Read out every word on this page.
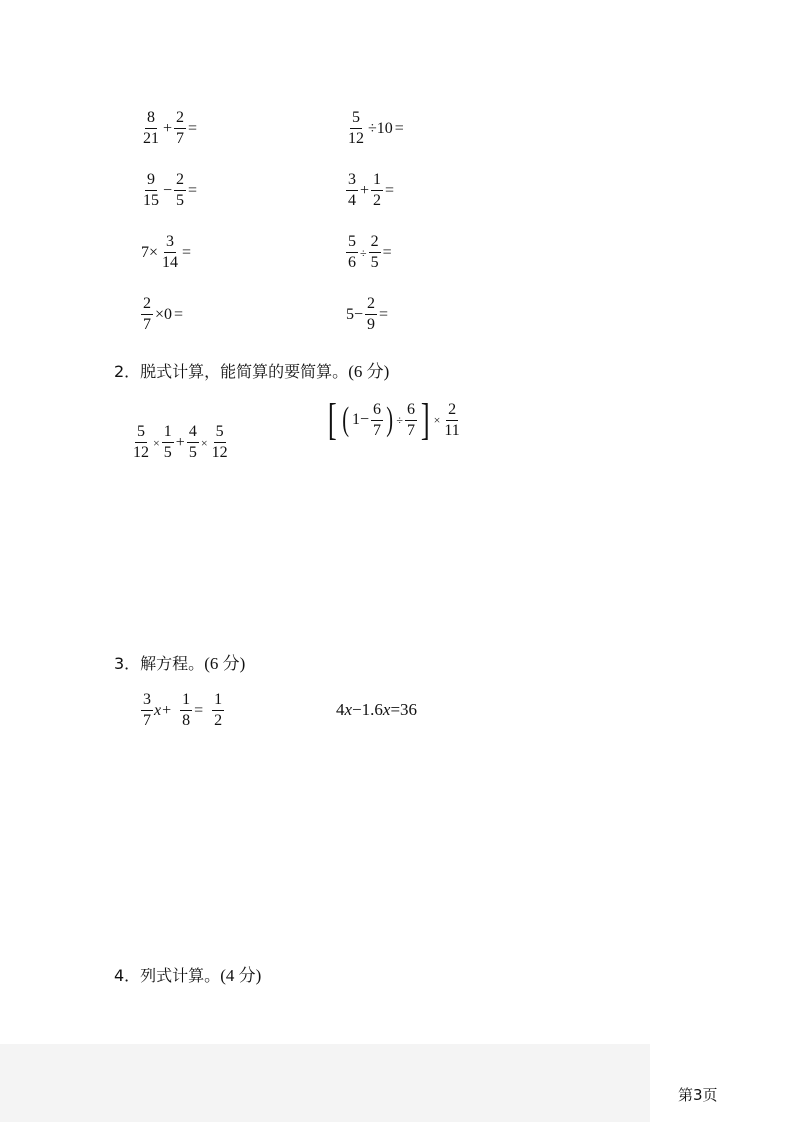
$\frac{8}{21} + \frac{2}{7}$ =	$\frac{5}{12} \div 10$ =
$\frac{9}{15} - \frac{2}{5}$ =	$\frac{3}{4} + \frac{1}{2}$ =
$7\times \frac{3}{14}$ =	$\frac{5}{6} \div \frac{2}{5}$ =
$\frac{2}{7} \times 0$ =	$5- \frac{2}{9}$ =
2．脱式计算，能简算的要简算。(6 分)
$\frac{5}{12} \times \frac{1}{5} + \frac{4}{5} \times \frac{5}{12}$ [ ( $1- \frac{6}{7}$ ) ÷ $\frac{6}{7}$ ] × $\frac{2}{11}$
3．解方程。(6 分)
$\frac{3}{7}$ $x + \frac{1}{8} = \frac{1}{2}$	4 x −1.6 x =36
4．列式计算。(4 分)
第3页
